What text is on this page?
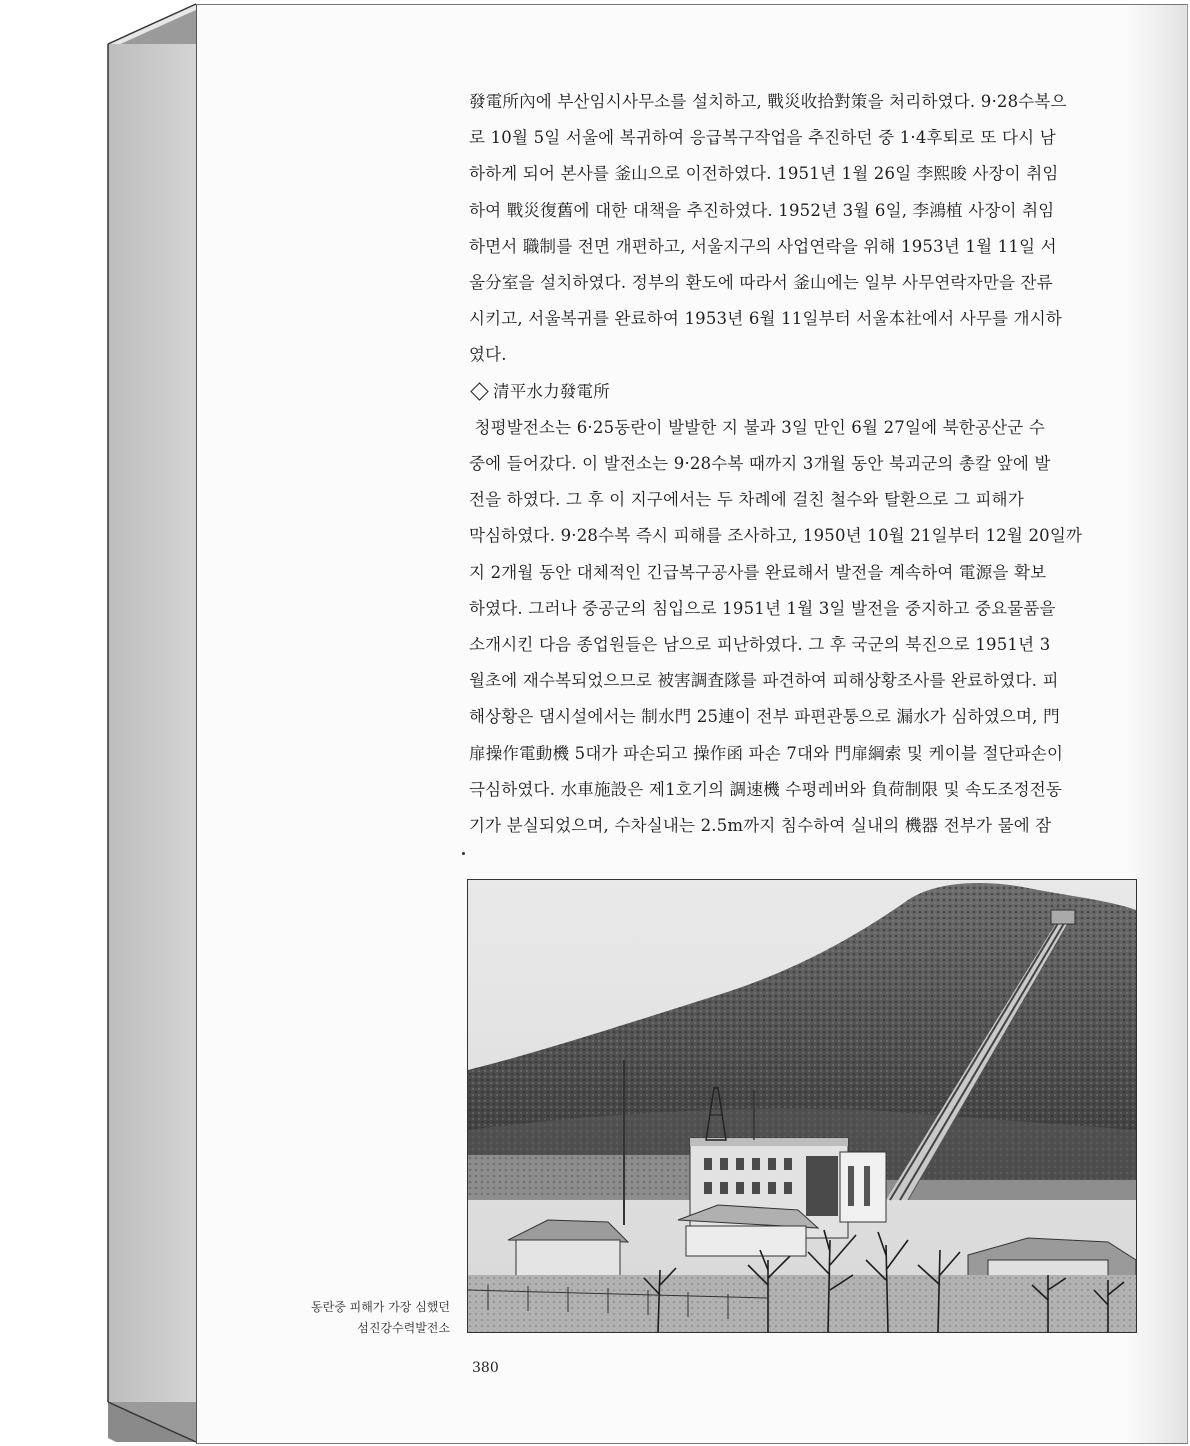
發電所內에 부산임시사무소를 설치하고, 戰災收拾對策을 처리하였다. 9·28수복으

로 10월 5일 서울에 복귀하여 응급복구작업을 추진하던 중 1·4후퇴로 또 다시 남

하하게 되어 본사를 釜山으로 이전하였다. 1951년 1월 26일 李熙晙 사장이 취임

하여 戰災復舊에 대한 대책을 추진하였다. 1952년 3월 6일, 李鴻植 사장이 취임

하면서 職制를 전면 개편하고, 서울지구의 사업연락을 위해 1953년 1월 11일 서

울分室을 설치하였다. 정부의 환도에 따라서 釜山에는 일부 사무연락자만을 잔류

시키고, 서울복귀를 완료하여 1953년 6월 11일부터 서울本社에서 사무를 개시하

였다.

清平水力發電所

청평발전소는 6·25동란이 발발한 지 불과 3일 만인 6월 27일에 북한공산군 수

중에 들어갔다. 이 발전소는 9·28수복 때까지 3개월 동안 북괴군의 총칼 앞에 발

전을 하였다. 그 후 이 지구에서는 두 차례에 걸친 철수와 탈환으로 그 피해가

막심하였다. 9·28수복 즉시 피해를 조사하고, 1950년 10월 21일부터 12월 20일까

지 2개월 동안 대체적인 긴급복구공사를 완료해서 발전을 계속하여 電源을 확보

하였다. 그러나 중공군의 침입으로 1951년 1월 3일 발전을 중지하고 중요물품을

소개시킨 다음 종업원들은 남으로 피난하였다. 그 후 국군의 북진으로 1951년 3

월초에 재수복되었으므로 被害調査隊를 파견하여 피해상황조사를 완료하였다. 피

해상황은 댐시설에서는 制水門 25連이 전부 파편관통으로 漏水가 심하였으며, 門

扉操作電動機 5대가 파손되고 操作函 파손 7대와 門扉綱索 및 케이블 절단파손이

극심하였다. 水車施設은 제1호기의 調速機 수평레버와 負荷制限 및 속도조정전동

기가 분실되었으며, 수차실내는 2.5m까지 침수하여 실내의 機器 전부가 물에 잠

동란중 피해가 가장 심했던
섬진강수력발전소
380
